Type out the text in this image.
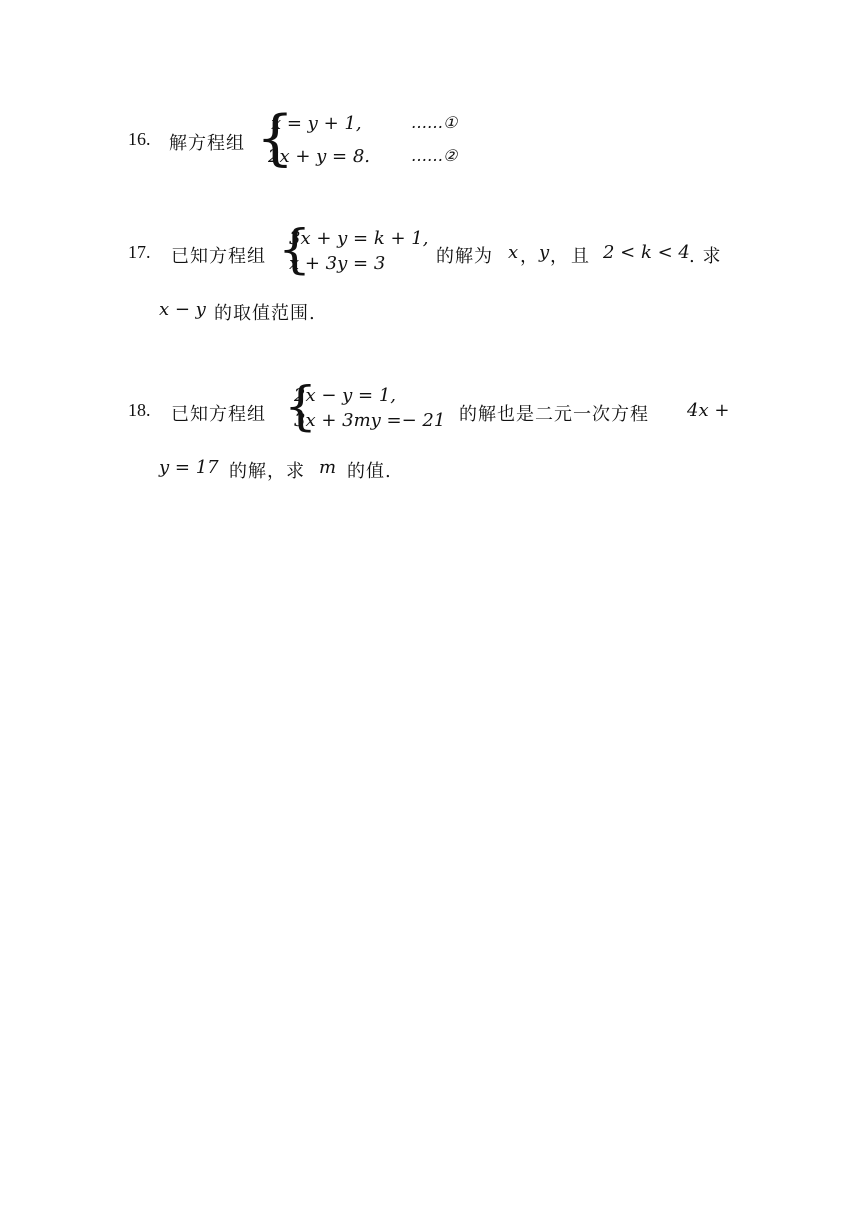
16. 解方程组 {
x = y + 1,
2x + y = 8.
……①
……②
17. 已知方程组 {
3x + y = k + 1,
x + 3y = 3	的解为 x ， y ， 且 2 < k < 4 . 求
x − y 的取值范围.
18. 已知方程组 {
2x − y = 1,
3x + 3my =− 21 的解也是二元一次方程 4x +
y = 17 的解，求 m 的值.
